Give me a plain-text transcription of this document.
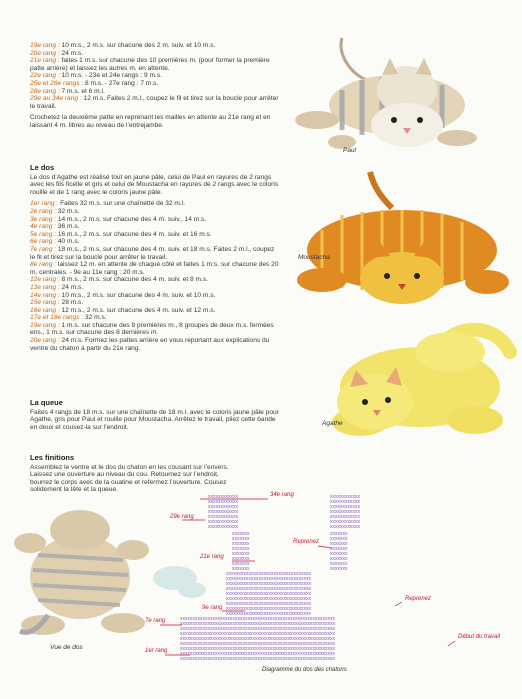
19e rang : 10 m.s., 2 m.s. sur chacune des 2 m. suiv. et 10 m.s.

20e rang : 24 m.s.

21e rang : faites 1 m.s. sur chacune des 10 premières m. (pour former la première patte arrière) et laissez les autres m. en attente.

22e rang : 10 m.s. - 23e et 24e rangs : 9 m.s.

25e et 26e rangs : 8 m.s. - 27e rang : 7 m.s.

28e rang : 7 m.s. et 6 m.l.

29e au 34e rang : 12 m.s. Faites 2 m.l., coupez le fil et tirez sur la boucle pour arrêter le travail.

Crochetez la deuxième patte en reprenant les mailles en attente au 21e rang et en laissant 4 m. libres au niveau de l’entrejambe.

Le dos

Le dos d’Agathe est réalisé tout en jaune pâle, celui de Paul en rayures de 2 rangs avec les fils ficelle et gris et celui de Moustacha en rayures de 2 rangs avec le coloris rouille et de 1 rang avec le coloris jaune pâle.

1er rang : Faites 32 m.s. sur une chaînette de 32 m.l.

2e rang : 32 m.s.

3e rang : 14 m.s., 2 m.s. sur chacune des 4 m. suiv., 14 m.s.

4e rang : 36 m.s.

5e rang : 16 m.s., 2 m.s. sur chacune des 4 m. suiv. et 16 m.s.

6e rang : 40 m.s.

7e rang : 18 m.s., 2 m.s. sur chacune des 4 m. suiv. et 18 m.s. Faites 2 m.l., coupez le fil et tirez sur la boucle pour arrêter le travail.

8e rang : laissez 12 m. en attente de chaque côté et faites 1 m.s. sur chacune des 20 m. centrales. - 9e au 11e rang : 20 m.s.

12e rang : 8 m.s., 2 m.s. sur chacune des 4 m. suiv. et 8 m.s.

13e rang : 24 m.s.

14e rang : 10 m.s., 2 m.s. sur chacune des 4 m. suiv. et 10 m.s.

15e rang : 28 m.s.

16e rang : 12 m.s., 2 m.s. sur chacune des 4 m. suiv. et 12 m.s.

17e et 18e rangs : 32 m.s.

19e rang : 1 m.s. sur chacune des 8 premières m., 8 groupes de deux m.s. fermées ens., 1 m.s. sur chacune des 8 dernières m.

20e rang : 24 m.s. Formez les pattes arrière en vous reportant aux explications du ventre du chaton à partir du 21e rang.

La queue

Faites 4 rangs de 18 m.s. sur une chaînette de 18 m.l. avec le coloris jaune pâle pour Agathe, gris pour Paul et rouille pour Moustacha. Arrêtez le travail, pliez cette bande en deux et cousez-la sur l’endroit.

Les finitions

Assemblez le ventre et le dos du chaton en les cousant sur l’envers. Laissez une ouverture au niveau du cou. Retournez sur l’endroit, bourrez le corps avec de la ouatine et refermez l’ouverture. Cousez solidement la tête et la queue.

Paul
Moustacha
Agathe
Vue de dos
xxxxxxxxxxxx	xxxxxxxxxxxx
xxxxxxxxxxxx	xxxxxxxxxxxx
xxxxxxxxxxxx	xxxxxxxxxxxx
xxxxxxxxxxxx	xxxxxxxxxxxx
xxxxxxxxxxxx	xxxxxxxxxxxx
xxxxxxxxxxxx	xxxxxxxxxxxx
xxxxxxxxxxxx	xxxxxxxxxxxx
xxxxxxx	xxxxxxx
xxxxxxx	xxxxxxx
xxxxxxx	xxxxxxx
xxxxxxx	xxxxxxx
xxxxxxx	xxxxxxx
xxxxxxx	xxxxxxx
xxxxxxx	xxxxxxx
xxxxxxx	xxxxxxx
xxxxxxxxxxxxxxxxxxxxxxxxxxxxxxxxxx
xxxxxxxxxxxxxxxxxxxxxxxxxxxxxxxxxx
xxxxxxxxxxxxxxxxxxxxxxxxxxxxxxxxxx
xxxxxxxxxxxxxxxxxxxxxxxxxxxxxxxxxx
xxxxxxxxxxxxxxxxxxxxxxxxxxxxxxxxxx
xxxxxxxxxxxxxxxxxxxxxxxxxxxxxxxxxx
xxxxxxxxxxxxxxxxxxxxxxxxxxxxxxxxxx
xxxxxxxxxxxxxxxxxxxxxxxxxxxxxxxxxx
xxxxxxxxxxxxxxxxxxxxxxxxxxxxxxxxxx
xxxxxxxxxxxxxxxxxxxxxxxxxxxxxxxxxxxxxxxxxxxxxxxxxxxxxxxxxxxxxx
xxxxxxxxxxxxxxxxxxxxxxxxxxxxxxxxxxxxxxxxxxxxxxxxxxxxxxxxxxxxxx
xxxxxxxxxxxxxxxxxxxxxxxxxxxxxxxxxxxxxxxxxxxxxxxxxxxxxxxxxxxxxx
xxxxxxxxxxxxxxxxxxxxxxxxxxxxxxxxxxxxxxxxxxxxxxxxxxxxxxxxxxxxxx
xxxxxxxxxxxxxxxxxxxxxxxxxxxxxxxxxxxxxxxxxxxxxxxxxxxxxxxxxxxxxx
xxxxxxxxxxxxxxxxxxxxxxxxxxxxxxxxxxxxxxxxxxxxxxxxxxxxxxxxxxxxxx
xxxxxxxxxxxxxxxxxxxxxxxxxxxxxxxxxxxxxxxxxxxxxxxxxxxxxxxxxxxxxx
xxxxxxxxxxxxxxxxxxxxxxxxxxxxxxxxxxxxxxxxxxxxxxxxxxxxxxxxxxxxxx
xxxxxxxxxxxxxxxxxxxxxxxxxxxxxxxxxxxxxxxxxxxxxxxxxxxxxxxxxxxxxx
34e rang
29e rang
21e rang
9e rang
7e rang
1er rang
Reprenez
Reprenez
Début du travail
Diagramme du dos des chatons
